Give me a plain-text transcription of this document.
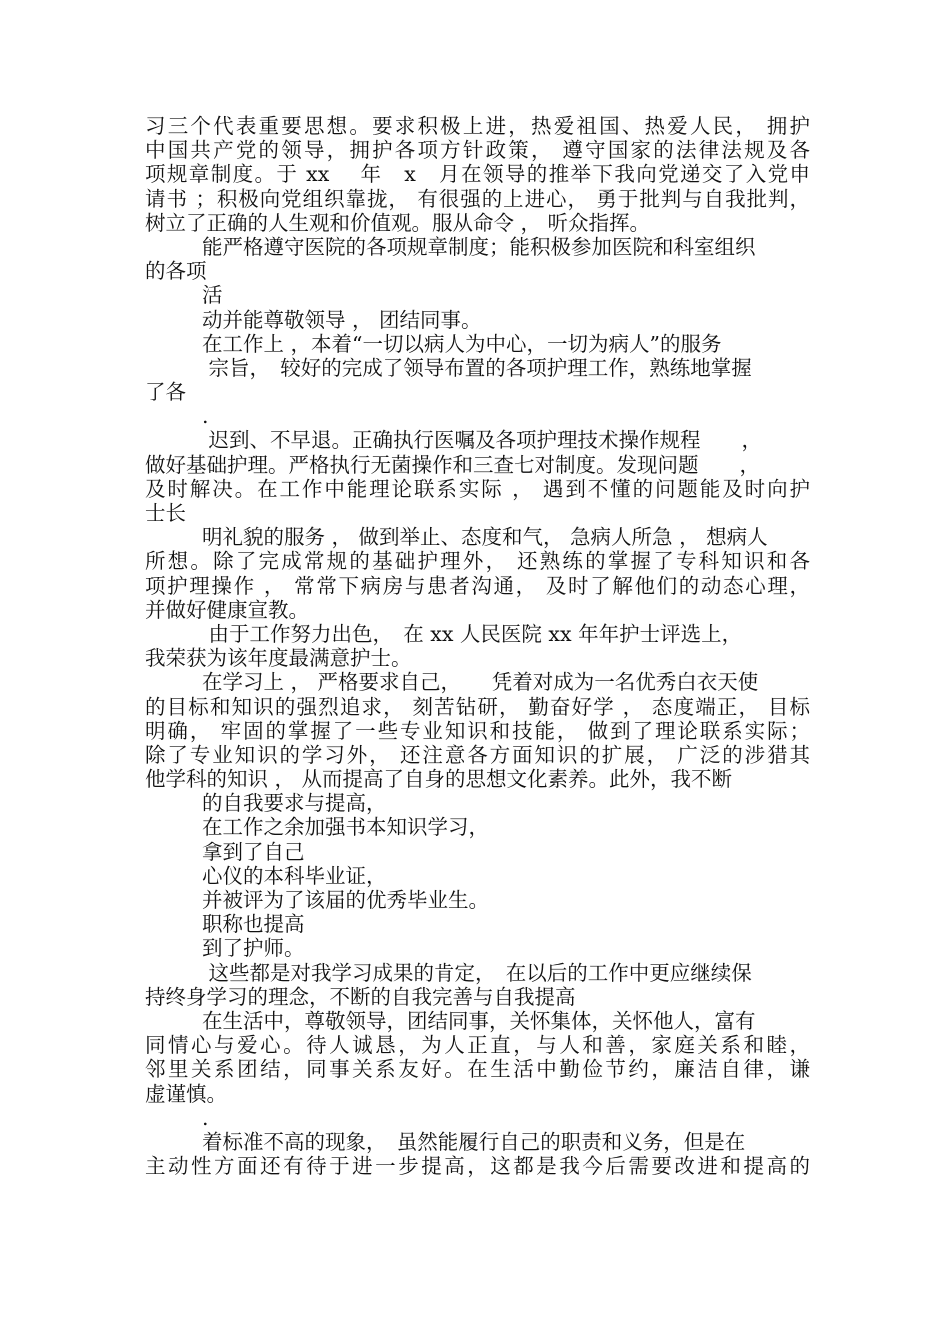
习三个代表重要思想。要求积极上进，热爱祖国、热爱人民， 拥护
中国共产党的领导，拥护各项方针政策， 遵守国家的法律法规及各
项规章制度。于 xx　 年　x　月在领导的推举下我向党递交了入党申
请书 ；积极向党组织靠拢， 有很强的上进心， 勇于批判与自我批判，
树立了正确的人生观和价值观。服从命令 ， 听众指挥。
能严格遵守医院的各项规章制度；能积极参加医院和科室组织
的各项
活
动并能尊敬领导 ， 团结同事。
在工作上 ，本着“一切以病人为中心，一切为病人”的服务
宗旨，　较好的完成了领导布置的各项护理工作，熟练地掌握
了各
.
迟到、不早退。正确执行医嘱及各项护理技术操作规程　　，
做好基础护理。严格执行无菌操作和三查七对制度。发现问题　　，
及时解决。在工作中能理论联系实际 ， 遇到不懂的问题能及时向护
士长
明礼貌的服务 ， 做到举止、态度和气， 急病人所急 ， 想病人
所想。除了完成常规的基础护理外， 还熟练的掌握了专科知识和各
项护理操作 ， 常常下病房与患者沟通， 及时了解他们的动态心理，
并做好健康宣教。
由于工作努力出色，　在 xx 人民医院 xx 年年护士评选上，
我荣获为该年度最满意护士。
在学习上 ， 严格要求自己，　　凭着对成为一名优秀白衣天使
的目标和知识的强烈追求， 刻苦钻研， 勤奋好学 ， 态度端正， 目标
明确， 牢固的掌握了一些专业知识和技能， 做到了理论联系实际；
除了专业知识的学习外， 还注意各方面知识的扩展， 广泛的涉猎其
他学科的知识 ， 从而提高了自身的思想文化素养。此外，我不断
的自我要求与提高，
在工作之余加强书本知识学习，
拿到了自己
心仪的本科毕业证，
并被评为了该届的优秀毕业生。
职称也提高
到了护师。
这些都是对我学习成果的肯定，　在以后的工作中更应继续保
持终身学习的理念，不断的自我完善与自我提高
在生活中，尊敬领导，团结同事，关怀集体，关怀他人，富有
同情心与爱心。待人诚恳，为人正直，与人和善，家庭关系和睦，
邻里关系团结，同事关系友好。在生活中勤俭节约，廉洁自律，谦
虚谨慎。
.
着标准不高的现象，　虽然能履行自己的职责和义务，但是在
主动性方面还有待于进一步提高，这都是我今后需要改进和提高的
